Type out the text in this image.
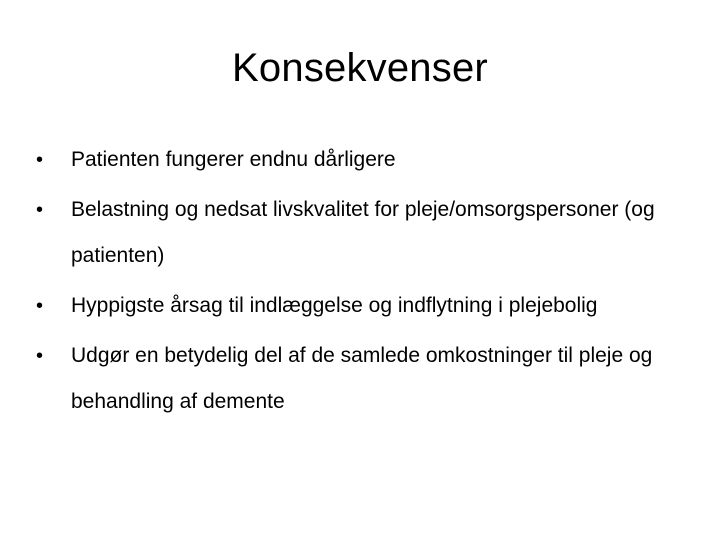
Konsekvenser
•	Patienten fungerer endnu dårligere
•	Belastning og nedsat livskvalitet for pleje/omsorgspersoner (og patienten)
•	Hyppigste årsag til indlæggelse og indflytning i plejebolig
•	Udgør en betydelig del af de samlede omkostninger til pleje og behandling af demente
